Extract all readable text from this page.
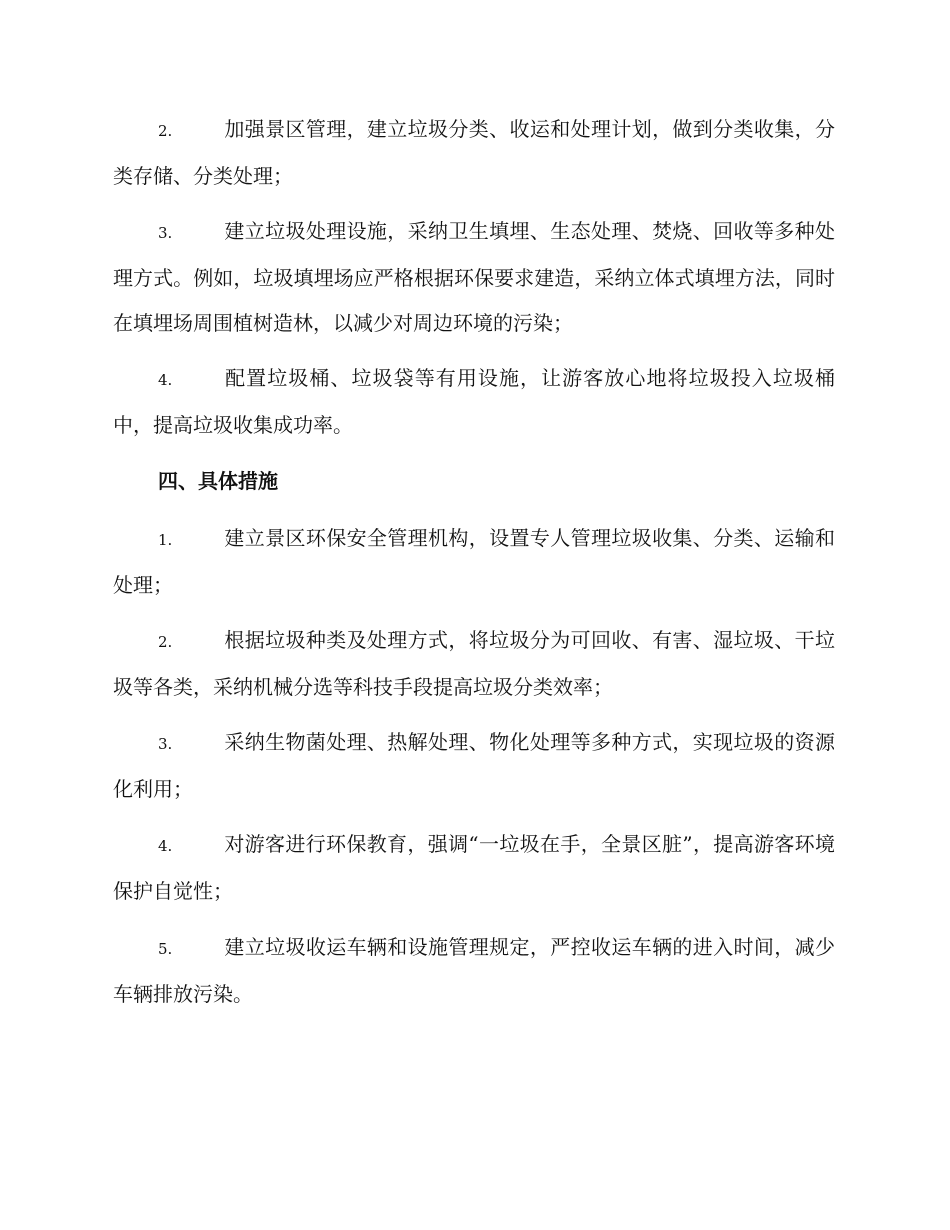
2.	加强景区管理，建立垃圾分类、收运和处理计划，做到分类收集，分类存储、分类处理；
3.	建立垃圾处理设施，采纳卫生填埋、生态处理、焚烧、回收等多种处理方式。例如，垃圾填埋场应严格根据环保要求建造，采纳立体式填埋方法，同时在填埋场周围植树造林，以减少对周边环境的污染；
4.	配置垃圾桶、垃圾袋等有用设施，让游客放心地将垃圾投入垃圾桶中，提高垃圾收集成功率。
四、具体措施
1.	建立景区环保安全管理机构，设置专人管理垃圾收集、分类、运输和处理；
2.	根据垃圾种类及处理方式，将垃圾分为可回收、有害、湿垃圾、干垃圾等各类，采纳机械分选等科技手段提高垃圾分类效率；
3.	采纳生物菌处理、热解处理、物化处理等多种方式，实现垃圾的资源化利用；
4.	对游客进行环保教育，强调“一垃圾在手，全景区脏”，提高游客环境保护自觉性；
5.	建立垃圾收运车辆和设施管理规定，严控收运车辆的进入时间，减少车辆排放污染。
